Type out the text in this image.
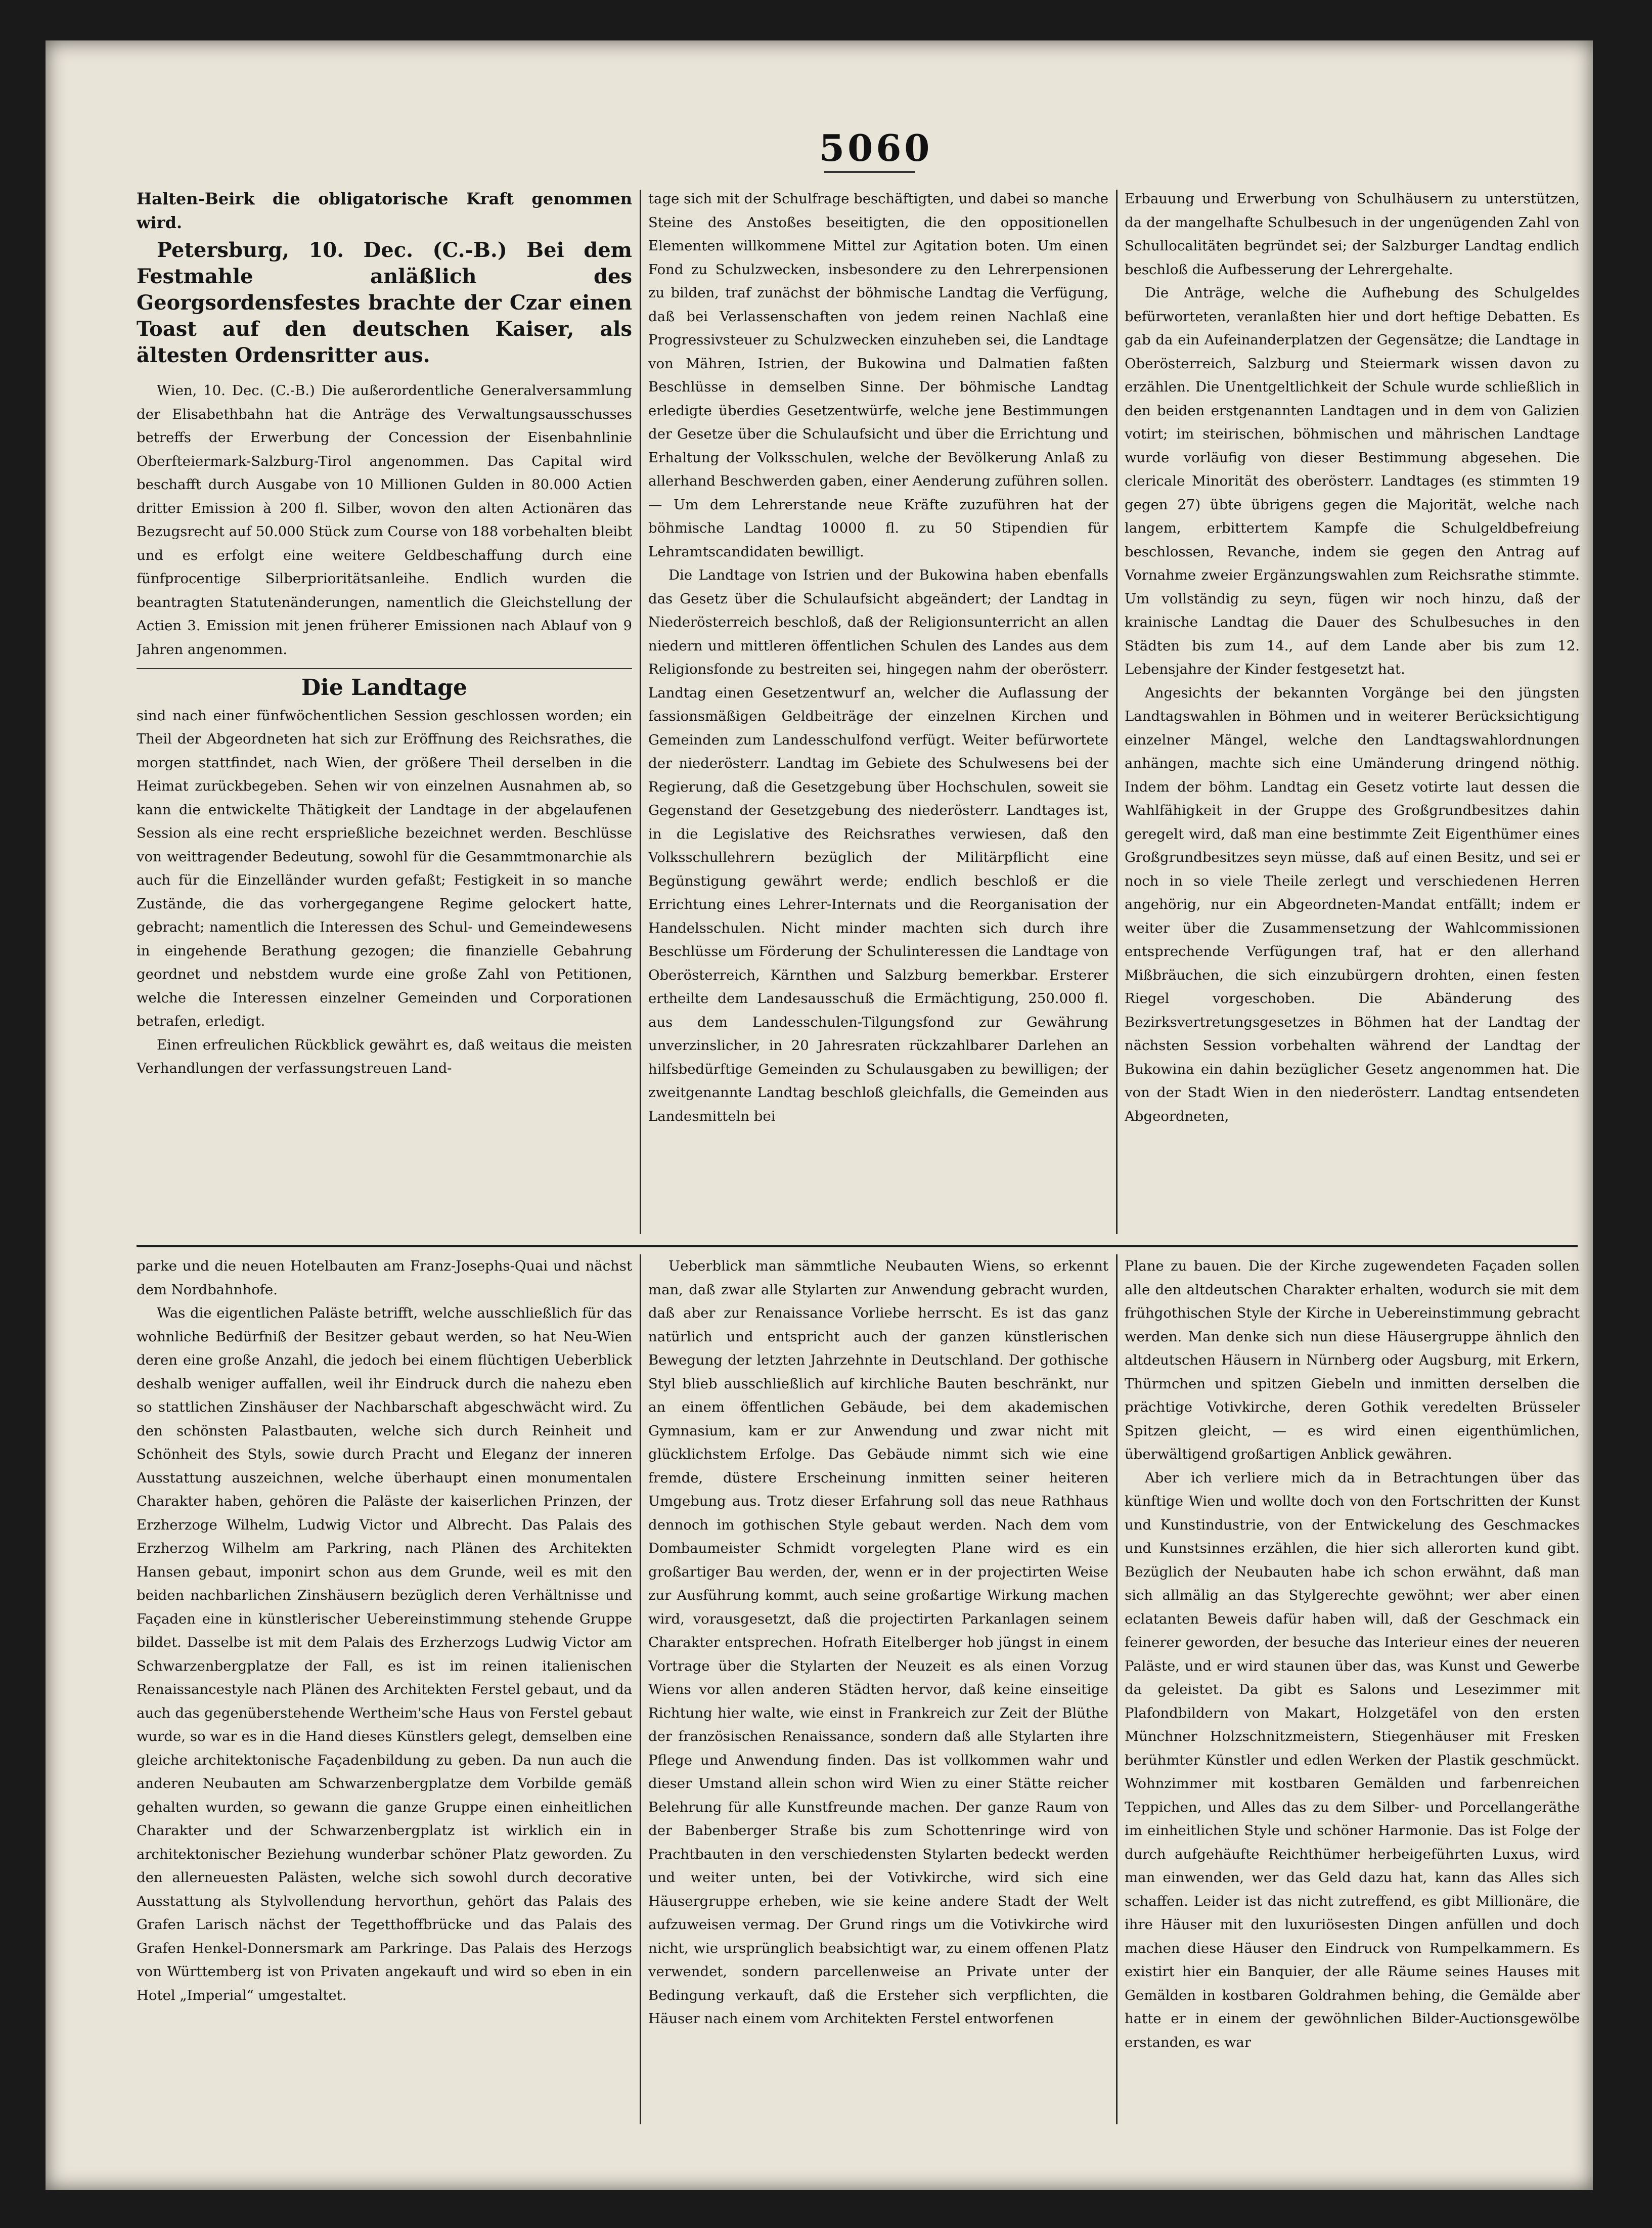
5060

Halten-Beirk die obligatorische Kraft genommen wird.

Petersburg, 10. Dec. (C.-B.) Bei dem Festmahle anläßlich des Georgsordensfestes brachte der Czar einen Toast auf den deutschen Kaiser, als ältesten Ordensritter aus.

Wien, 10. Dec. (C.-B.) Die außerordentliche Generalversammlung der Elisabethbahn hat die Anträge des Verwaltungsausschusses betreffs der Erwerbung der Concession der Eisenbahnlinie Oberfteiermark-Salzburg-Tirol angenommen. Das Capital wird beschafft durch Ausgabe von 10 Millionen Gulden in 80.000 Actien dritter Emission à 200 fl. Silber, wovon den alten Actionären das Bezugsrecht auf 50.000 Stück zum Course von 188 vorbehalten bleibt und es erfolgt eine weitere Geldbeschaffung durch eine fünfprocentige Silberprioritätsanleihe. Endlich wurden die beantragten Statutenänderungen, namentlich die Gleichstellung der Actien 3. Emission mit jenen früherer Emissionen nach Ablauf von 9 Jahren angenommen.

Die Landtage

sind nach einer fünfwöchentlichen Session geschlossen worden; ein Theil der Abgeordneten hat sich zur Eröffnung des Reichsrathes, die morgen stattfindet, nach Wien, der größere Theil derselben in die Heimat zurückbegeben. Sehen wir von einzelnen Ausnahmen ab, so kann die entwickelte Thätigkeit der Landtage in der abgelaufenen Session als eine recht ersprießliche bezeichnet werden. Beschlüsse von weittragender Bedeutung, sowohl für die Gesammtmonarchie als auch für die Einzelländer wurden gefaßt; Festigkeit in so manche Zustände, die das vorhergegangene Regime gelockert hatte, gebracht; namentlich die Interessen des Schul- und Gemeindewesens in eingehende Berathung gezogen; die finanzielle Gebahrung geordnet und nebstdem wurde eine große Zahl von Petitionen, welche die Interessen einzelner Gemeinden und Corporationen betrafen, erledigt.

Einen erfreulichen Rückblick gewährt es, daß weitaus die meisten Verhandlungen der verfassungstreuen Land-

tage sich mit der Schulfrage beschäftigten, und dabei so manche Steine des Anstoßes beseitigten, die den oppositionellen Elementen willkommene Mittel zur Agitation boten. Um einen Fond zu Schulzwecken, insbesondere zu den Lehrerpensionen zu bilden, traf zunächst der böhmische Landtag die Verfügung, daß bei Verlassenschaften von jedem reinen Nachlaß eine Progressivsteuer zu Schulzwecken einzuheben sei, die Landtage von Mähren, Istrien, der Bukowina und Dalmatien faßten Beschlüsse in demselben Sinne. Der böhmische Landtag erledigte überdies Gesetzentwürfe, welche jene Bestimmungen der Gesetze über die Schulaufsicht und über die Errichtung und Erhaltung der Volksschulen, welche der Bevölkerung Anlaß zu allerhand Beschwerden gaben, einer Aenderung zuführen sollen. — Um dem Lehrerstande neue Kräfte zuzuführen hat der böhmische Landtag 10000 fl. zu 50 Stipendien für Lehramtscandidaten bewilligt.

Die Landtage von Istrien und der Bukowina haben ebenfalls das Gesetz über die Schulaufsicht abgeändert; der Landtag in Niederösterreich beschloß, daß der Religionsunterricht an allen niedern und mittleren öffentlichen Schulen des Landes aus dem Religionsfonde zu bestreiten sei, hingegen nahm der oberösterr. Landtag einen Gesetzentwurf an, welcher die Auflassung der fassionsmäßigen Geldbeiträge der einzelnen Kirchen und Gemeinden zum Landesschulfond verfügt. Weiter befürwortete der niederösterr. Landtag im Gebiete des Schulwesens bei der Regierung, daß die Gesetzgebung über Hochschulen, soweit sie Gegenstand der Gesetzgebung des niederösterr. Landtages ist, in die Legislative des Reichsrathes verwiesen, daß den Volksschullehrern bezüglich der Militärpflicht eine Begünstigung gewährt werde; endlich beschloß er die Errichtung eines Lehrer-Internats und die Reorganisation der Handelsschulen. Nicht minder machten sich durch ihre Beschlüsse um Förderung der Schulinteressen die Landtage von Oberösterreich, Kärnthen und Salzburg bemerkbar. Ersterer ertheilte dem Landesausschuß die Ermächtigung, 250.000 fl. aus dem Landesschulen-Tilgungsfond zur Gewährung unverzinslicher, in 20 Jahresraten rückzahlbarer Darlehen an hilfsbedürftige Gemeinden zu Schulausgaben zu bewilligen; der zweitgenannte Landtag beschloß gleichfalls, die Gemeinden aus Landesmitteln bei

Erbauung und Erwerbung von Schulhäusern zu unterstützen, da der mangelhafte Schulbesuch in der ungenügenden Zahl von Schullocalitäten begründet sei; der Salzburger Landtag endlich beschloß die Aufbesserung der Lehrergehalte.

Die Anträge, welche die Aufhebung des Schulgeldes befürworteten, veranlaßten hier und dort heftige Debatten. Es gab da ein Aufeinanderplatzen der Gegensätze; die Landtage in Oberösterreich, Salzburg und Steiermark wissen davon zu erzählen. Die Unentgeltlichkeit der Schule wurde schließlich in den beiden erstgenannten Landtagen und in dem von Galizien votirt; im steirischen, böhmischen und mährischen Landtage wurde vorläufig von dieser Bestimmung abgesehen. Die clericale Minorität des oberösterr. Landtages (es stimmten 19 gegen 27) übte übrigens gegen die Majorität, welche nach langem, erbittertem Kampfe die Schulgeldbefreiung beschlossen, Revanche, indem sie gegen den Antrag auf Vornahme zweier Ergänzungswahlen zum Reichsrathe stimmte. Um vollständig zu seyn, fügen wir noch hinzu, daß der krainische Landtag die Dauer des Schulbesuches in den Städten bis zum 14., auf dem Lande aber bis zum 12. Lebensjahre der Kinder festgesetzt hat.

Angesichts der bekannten Vorgänge bei den jüngsten Landtagswahlen in Böhmen und in weiterer Berücksichtigung einzelner Mängel, welche den Landtagswahlordnungen anhängen, machte sich eine Umänderung dringend nöthig. Indem der böhm. Landtag ein Gesetz votirte laut dessen die Wahlfähigkeit in der Gruppe des Großgrundbesitzes dahin geregelt wird, daß man eine bestimmte Zeit Eigenthümer eines Großgrundbesitzes seyn müsse, daß auf einen Besitz, und sei er noch in so viele Theile zerlegt und verschiedenen Herren angehörig, nur ein Abgeordneten-Mandat entfällt; indem er weiter über die Zusammensetzung der Wahlcommissionen entsprechende Verfügungen traf, hat er den allerhand Mißbräuchen, die sich einzubürgern drohten, einen festen Riegel vorgeschoben. Die Abänderung des Bezirksvertretungsgesetzes in Böhmen hat der Landtag der nächsten Session vorbehalten während der Landtag der Bukowina ein dahin bezüglicher Gesetz angenommen hat. Die von der Stadt Wien in den niederösterr. Landtag entsendeten Abgeordneten,

parke und die neuen Hotelbauten am Franz-Josephs-Quai und nächst dem Nordbahnhofe.

Was die eigentlichen Paläste betrifft, welche ausschließlich für das wohnliche Bedürfniß der Besitzer gebaut werden, so hat Neu-Wien deren eine große Anzahl, die jedoch bei einem flüchtigen Ueberblick deshalb weniger auffallen, weil ihr Eindruck durch die nahezu eben so stattlichen Zinshäuser der Nachbarschaft abgeschwächt wird. Zu den schönsten Palastbauten, welche sich durch Reinheit und Schönheit des Styls, sowie durch Pracht und Eleganz der inneren Ausstattung auszeichnen, welche überhaupt einen monumentalen Charakter haben, gehören die Paläste der kaiserlichen Prinzen, der Erzherzoge Wilhelm, Ludwig Victor und Albrecht. Das Palais des Erzherzog Wilhelm am Parkring, nach Plänen des Architekten Hansen gebaut, imponirt schon aus dem Grunde, weil es mit den beiden nachbarlichen Zinshäusern bezüglich deren Verhältnisse und Façaden eine in künstlerischer Uebereinstimmung stehende Gruppe bildet. Dasselbe ist mit dem Palais des Erzherzogs Ludwig Victor am Schwarzenbergplatze der Fall, es ist im reinen italienischen Renaissancestyle nach Plänen des Architekten Ferstel gebaut, und da auch das gegenüberstehende Wertheim'sche Haus von Ferstel gebaut wurde, so war es in die Hand dieses Künstlers gelegt, demselben eine gleiche architektonische Façadenbildung zu geben. Da nun auch die anderen Neubauten am Schwarzenbergplatze dem Vorbilde gemäß gehalten wurden, so gewann die ganze Gruppe einen einheitlichen Charakter und der Schwarzenbergplatz ist wirklich ein in architektonischer Beziehung wunderbar schöner Platz geworden. Zu den allerneuesten Palästen, welche sich sowohl durch decorative Ausstattung als Stylvollendung hervorthun, gehört das Palais des Grafen Larisch nächst der Tegetthoffbrücke und das Palais des Grafen Henkel-Donnersmark am Parkringe. Das Palais des Herzogs von Württemberg ist von Privaten angekauft und wird so eben in ein Hotel „Imperial“ umgestaltet.

Ueberblick man sämmtliche Neubauten Wiens, so erkennt man, daß zwar alle Stylarten zur Anwendung gebracht wurden, daß aber zur Renaissance Vorliebe herrscht. Es ist das ganz natürlich und entspricht auch der ganzen künstlerischen Bewegung der letzten Jahrzehnte in Deutschland. Der gothische Styl blieb ausschließlich auf kirchliche Bauten beschränkt, nur an einem öffentlichen Gebäude, bei dem akademischen Gymnasium, kam er zur Anwendung und zwar nicht mit glücklichstem Erfolge. Das Gebäude nimmt sich wie eine fremde, düstere Erscheinung inmitten seiner heiteren Umgebung aus. Trotz dieser Erfahrung soll das neue Rathhaus dennoch im gothischen Style gebaut werden. Nach dem vom Dombaumeister Schmidt vorgelegten Plane wird es ein großartiger Bau werden, der, wenn er in der projectirten Weise zur Ausführung kommt, auch seine großartige Wirkung machen wird, vorausgesetzt, daß die projectirten Parkanlagen seinem Charakter entsprechen. Hofrath Eitelberger hob jüngst in einem Vortrage über die Stylarten der Neuzeit es als einen Vorzug Wiens vor allen anderen Städten hervor, daß keine einseitige Richtung hier walte, wie einst in Frankreich zur Zeit der Blüthe der französischen Renaissance, sondern daß alle Stylarten ihre Pflege und Anwendung finden. Das ist vollkommen wahr und dieser Umstand allein schon wird Wien zu einer Stätte reicher Belehrung für alle Kunstfreunde machen. Der ganze Raum von der Babenberger Straße bis zum Schottenringe wird von Prachtbauten in den verschiedensten Stylarten bedeckt werden und weiter unten, bei der Votivkirche, wird sich eine Häusergruppe erheben, wie sie keine andere Stadt der Welt aufzuweisen vermag. Der Grund rings um die Votivkirche wird nicht, wie ursprünglich beabsichtigt war, zu einem offenen Platz verwendet, sondern parcellenweise an Private unter der Bedingung verkauft, daß die Ersteher sich verpflichten, die Häuser nach einem vom Architekten Ferstel entworfenen

Plane zu bauen. Die der Kirche zugewendeten Façaden sollen alle den altdeutschen Charakter erhalten, wodurch sie mit dem frühgothischen Style der Kirche in Uebereinstimmung gebracht werden. Man denke sich nun diese Häusergruppe ähnlich den altdeutschen Häusern in Nürnberg oder Augsburg, mit Erkern, Thürmchen und spitzen Giebeln und inmitten derselben die prächtige Votivkirche, deren Gothik veredelten Brüsseler Spitzen gleicht, — es wird einen eigenthümlichen, überwältigend großartigen Anblick gewähren.

Aber ich verliere mich da in Betrachtungen über das künftige Wien und wollte doch von den Fortschritten der Kunst und Kunstindustrie, von der Entwickelung des Geschmackes und Kunstsinnes erzählen, die hier sich allerorten kund gibt. Bezüglich der Neubauten habe ich schon erwähnt, daß man sich allmälig an das Stylgerechte gewöhnt; wer aber einen eclatanten Beweis dafür haben will, daß der Geschmack ein feinerer geworden, der besuche das Interieur eines der neueren Paläste, und er wird staunen über das, was Kunst und Gewerbe da geleistet. Da gibt es Salons und Lesezimmer mit Plafondbildern von Makart, Holzgetäfel von den ersten Münchner Holzschnitzmeistern, Stiegenhäuser mit Fresken berühmter Künstler und edlen Werken der Plastik geschmückt. Wohnzimmer mit kostbaren Gemälden und farbenreichen Teppichen, und Alles das zu dem Silber- und Porcellangeräthe im einheitlichen Style und schöner Harmonie. Das ist Folge der durch aufgehäufte Reichthümer herbeigeführten Luxus, wird man einwenden, wer das Geld dazu hat, kann das Alles sich schaffen. Leider ist das nicht zutreffend, es gibt Millionäre, die ihre Häuser mit den luxuriösesten Dingen anfüllen und doch machen diese Häuser den Eindruck von Rumpelkammern. Es existirt hier ein Banquier, der alle Räume seines Hauses mit Gemälden in kostbaren Goldrahmen behing, die Gemälde aber hatte er in einem der gewöhnlichen Bilder-Auctionsgewölbe erstanden, es war
